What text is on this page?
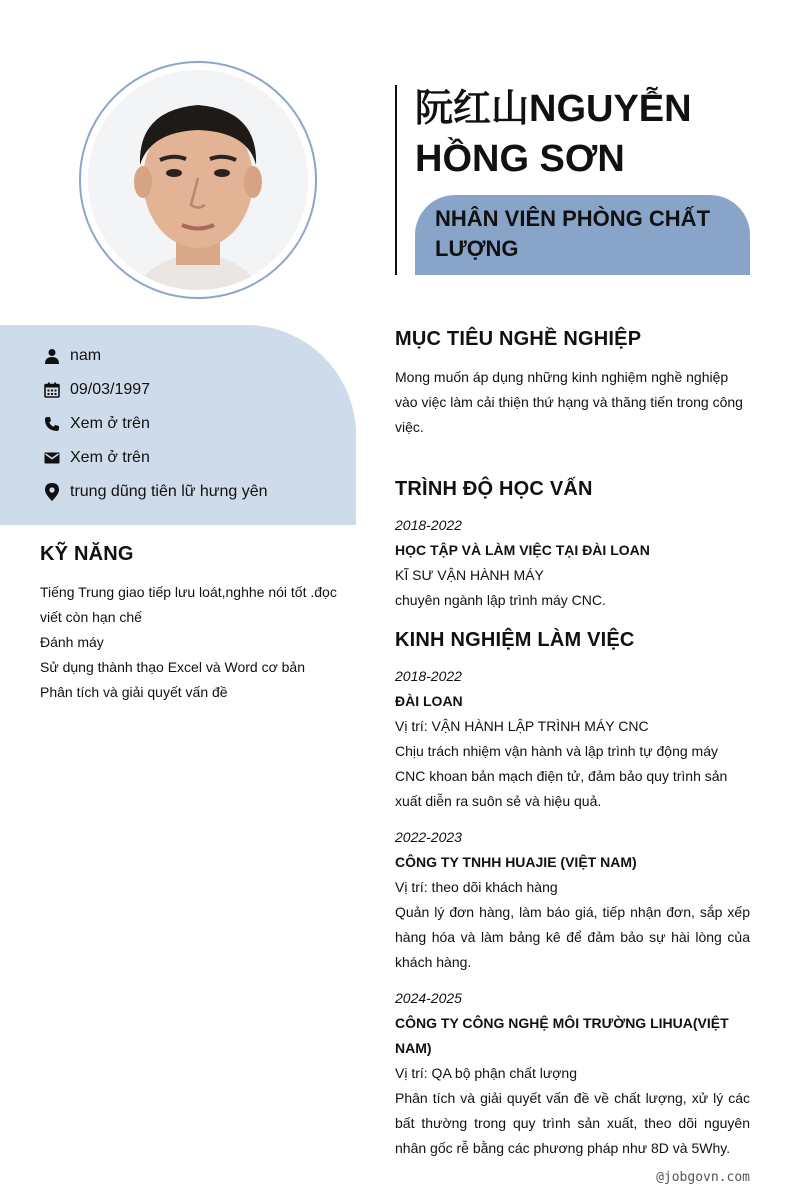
阮红山NGUYỄN HỒNG SƠN
NHÂN VIÊN PHÒNG CHẤT LƯỢNG
nam
09/03/1997
Xem ở trên
Xem ở trên
trung dũng tiên lữ hưng yên
KỸ NĂNG
Tiếng Trung giao tiếp lưu loát,nghhe nói tốt .đọc viết còn hạn chế
Đánh máy
Sử dụng thành thạo Excel và Word cơ bản
Phân tích và giải quyết vấn đề
MỤC TIÊU NGHỀ NGHIỆP
Mong muốn áp dụng những kinh nghiệm nghề nghiệp vào việc làm cải thiện thứ hạng và thăng tiến trong công việc.
TRÌNH ĐỘ HỌC VẤN
2018-2022
HỌC TẬP VÀ LÀM VIỆC TẠI ĐÀI LOAN
KĨ SƯ VẬN HÀNH MÁY
chuyên ngành lập trình máy CNC.
KINH NGHIỆM LÀM VIỆC
2018-2022
ĐÀI LOAN
Vị trí: VẬN HÀNH LẬP TRÌNH MÁY CNC
Chịu trách nhiệm vận hành và lập trình tự động máy CNC khoan bản mạch điện tử, đảm bảo quy trình sản xuất diễn ra suôn sẻ và hiệu quả.
2022-2023
CÔNG TY TNHH HUAJIE (VIỆT NAM)
Vị trí: theo dõi khách hàng
Quản lý đơn hàng, làm báo giá, tiếp nhận đơn, sắp xếp hàng hóa và làm bảng kê để đảm bảo sự hài lòng của khách hàng.
2024-2025
CÔNG TY CÔNG NGHỆ MÔI TRƯỜNG LIHUA(VIỆT NAM)
Vị trí: QA bộ phận chất lượng
Phân tích và giải quyết vấn đề về chất lượng, xử lý các bất thường trong quy trình sản xuất, theo dõi nguyên nhân gốc rễ bằng các phương pháp như 8D và 5Why.
@jobgovn.com
